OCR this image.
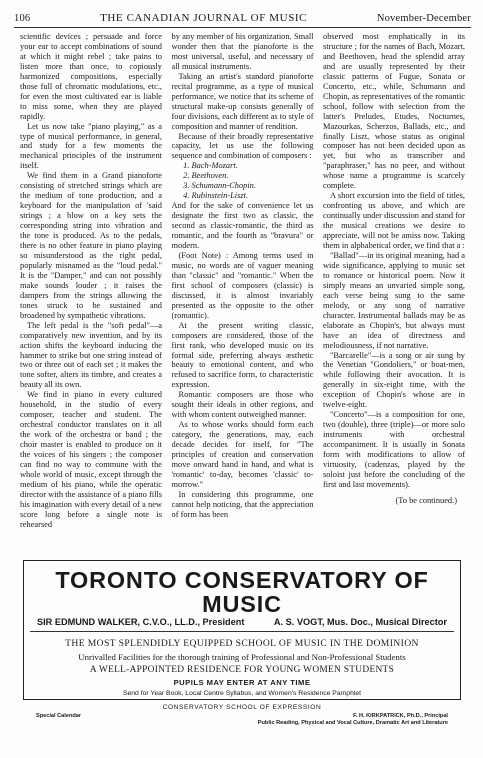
106	THE CANADIAN JOURNAL OF MUSIC	November-December

scientific devices ; persuade and force your ear to accept combinations of sound at which it might rebel ; take pains to listen more than once, to copiously harmonized compositions, especially those full of chromatic modulations, etc., for even the most cultivated ear is liable to miss some, when they are played rapidly.

Let us now take "piano playing," as a type of musical performance, in general, and study for a few moments the mechanical principles of the instrument itself.

We find them in a Grand pianoforte consisting of stretched strings which are the medium of tone production, and a keyboard for the manipulation of 'said strings ; a blow on a key sets the corresponding string into vibration and the tone is produced. As to the pedals, there is no other feature in piano playing so misunderstood as the right pedal, popularly misnamed as the "loud pedal." It is the "Damper," and can not possibly make sounds louder ; it raises the dampers from the strings allowing the tones struck to be sustained and broadened by sympathetic vibrations.

The left pedal is the "soft pedal"—a comparatively new invention, and by its action shifts the keyboard inducing the hammer to strike but one string instead of two or three out of each set ; it makes the tone softer, alters its timbre, and creates a beauty all its own.

We find in piano in every cultured household, in the studio of every composer, teacher and student. The orchestral conductor translates on it all the work of the orchestra or band ; the choir master is enabled to produce on it the voices of his singers ; the composer can find no way to commune with the whole world of music, except through the medium of his piano, while the operatic director with the assistance of a piano fills his imagination with every detail of a new score long before a single note is rehearsed

by any member of his organization. Small wonder then that the pianoforte is the most universal, useful, and necessary of all musical instruments.

Taking an artist's standard pianoforte recital programme, as a type of musical performance, we notice that its scheme of structural make-up consists generally of four divisions, each different as to style of composition and manner of rendition.

Because of their broadly representative capacity, let us use the following sequence and combination of composers :

1. Bach-Mozart.
2. Beethoven.
3. Schumann-Chopin.
4. Rubinstein-Liszt.

And for the sake of convenience let us designate the first two as classic, the second as classic-romantic, the third as romantic, and the fourth as "bravura" or modern.

(Foot Note) : Among terms used in music, no words are of vaguer meaning than "classic" and "romantic." When the first school of composers (classic) is discussed, it is almost invariably presented as the opposite to the other (romantic).

At the present writing classic, composers are considered, those of the first rank, who developed music on its formal side, preferring always æsthetic beauty to emotional content, and who refused to sacrifice form, to characteristic expression.

Romantic composers are those who sought their ideals in other regions, and with whom content outweighed manner.

As to whose works should form each category, the generations, may, each decade decides for itself, for "The principles of creation and conservation move onward hand in hand, and what is 'romantic' to-day, becomes 'classic' to-morrow."

In considering this programme, one cannot help noticing, that the appreciation of form has been

observed most emphatically in its structure ; for the names of Bach, Mozart, and Beethoven, head the splendid array and are usually represented by their classic patterns of Fugue, Sonata or Concerto, etc., while, Schumann and Chopin, as representatives of the romantic school, follow with selection from the latter's Preludes, Etudes, Nocturnes, Mazourkas, Scherzos, Ballads, etc., and finally Liszt, whose status as original composer has not been decided upon as yet, but who as transcriber and "paraphraser," has no peer, and without whose name a programme is scarcely complete.

A short excursion into the field of titles, confronting us above, and which are continually under discussion and stand for the musical creations we desire to appreciate, will not be amiss now. Taking them in alphabetical order, we find that a :

"Ballad"—in its original meaning, had a wide significance, applying to music set to romance or historical poem. Now it simply means an unvaried simple song, each verse being sung to the same melody, or any song of narrative character. Instrumental ballads may be as elaborate as Chopin's, but always must have an idea of directness and melodiousness, if not narrative.

"Barcarelle"—is a song or air sung by the Venetian "Gondoliers," or boat-men, while following their avocation. It is generally in six-eight time, with the exception of Chopin's whose are in twelve-eight.

"Concerto"—is a composition for one, two (double), three (triple)—or more solo instruments with orchestral accompaniment. It is usually in Sonata form with modifications to allow of virtuosity, (cadenzas, played by the soloist just before the concluding of the first and last movements).

(To be continued.)
TORONTO CONSERVATORY OF MUSIC
SIR EDMUND WALKER, C.V.O., LL.D., President	A. S. VOGT, Mus. Doc., Musical Director
THE MOST SPLENDIDLY EQUIPPED SCHOOL OF MUSIC IN THE DOMINION
Unrivalled Facilities for the thorough training of Professional and Non-Professional Students
A WELL-APPOINTED RESIDENCE FOR YOUNG WOMEN STUDENTS
PUPILS MAY ENTER AT ANY TIME
Send for Year Book, Local Centre Syllabus, and Women's Residence Pamphlet
CONSERVATORY SCHOOL OF EXPRESSION
Special Calendar	F. H. KIRKPATRICK, Ph.D., Principal
Public Reading, Physical and Vocal Culture, Dramatic Art and Literature
